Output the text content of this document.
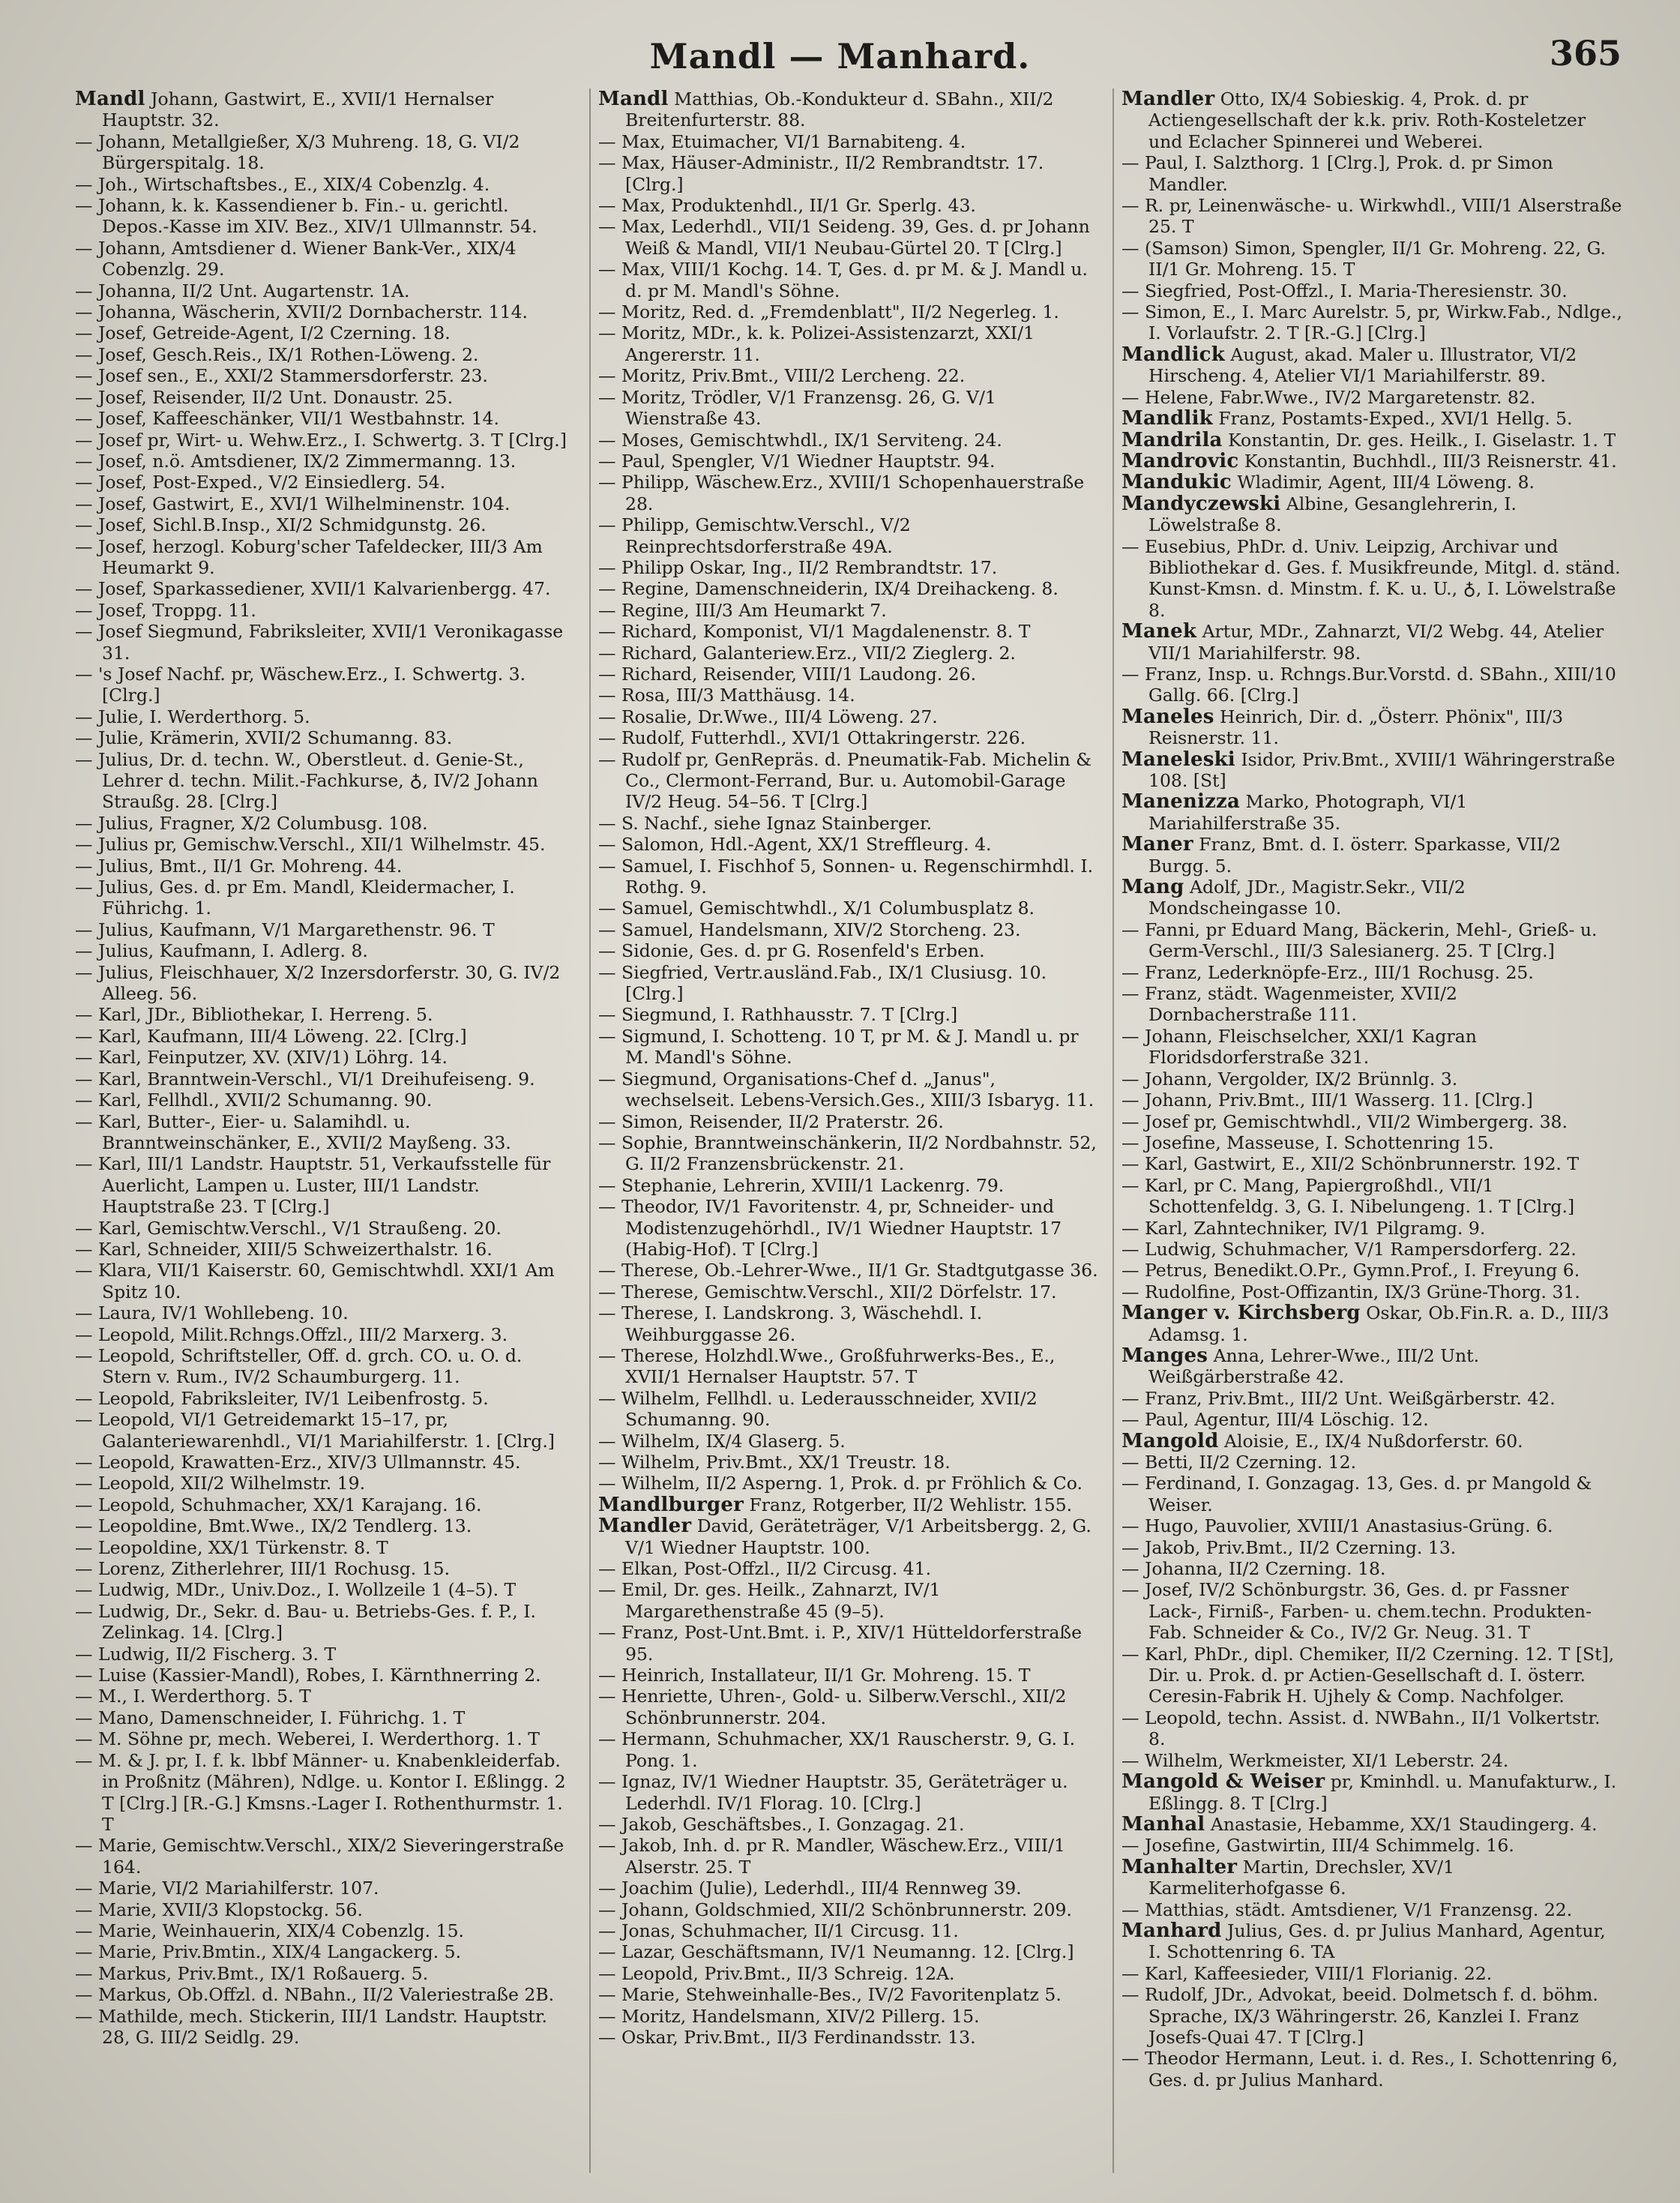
Mandl — Manhard.	365
Mandl Johann, Gastwirt, E., XVII/1 Hernalser Hauptstr. 32.
— Johann, Metallgießer, X/3 Muhreng. 18, G. VI/2 Bürgerspitalg. 18.
— Joh., Wirtschaftsbes., E., XIX/4 Cobenzlg. 4.
— Johann, k. k. Kassendiener b. Fin.- u. gerichtl. Depos.-Kasse im XIV. Bez., XIV/1 Ullmannstr. 54.
— Johann, Amtsdiener d. Wiener Bank-Ver., XIX/4 Cobenzlg. 29.
— Johanna, II/2 Unt. Augartenstr. 1A.
— Johanna, Wäscherin, XVII/2 Dornbacherstr. 114.
— Josef, Getreide-Agent, I/2 Czerning. 18.
— Josef, Gesch.Reis., IX/1 Rothen-Löweng. 2.
— Josef sen., E., XXI/2 Stammersdorferstr. 23.
— Josef, Reisender, II/2 Unt. Donaustr. 25.
— Josef, Kaffeeschänker, VII/1 Westbahnstr. 14.
— Josef pr, Wirt- u. Wehw.Erz., I. Schwertg. 3. T [Clrg.]
— Josef, n.ö. Amtsdiener, IX/2 Zimmermanng. 13.
— Josef, Post-Exped., V/2 Einsiedlerg. 54.
— Josef, Gastwirt, E., XVI/1 Wilhelminenstr. 104.
— Josef, Sichl.B.Insp., XI/2 Schmidgunstg. 26.
— Josef, herzogl. Koburg'scher Tafeldecker, III/3 Am Heumarkt 9.
— Josef, Sparkassediener, XVII/1 Kalvarienbergg. 47.
— Josef, Troppg. 11.
— Josef Siegmund, Fabriksleiter, XVII/1 Veronikagasse 31.
— 's Josef Nachf. pr, Wäschew.Erz., I. Schwertg. 3. [Clrg.]
— Julie, I. Werderthorg. 5.
— Julie, Krämerin, XVII/2 Schumanng. 83.
— Julius, Dr. d. techn. W., Oberstleut. d. Genie-St., Lehrer d. techn. Milit.-Fachkurse, ♁, IV/2 Johann Straußg. 28. [Clrg.]
— Julius, Fragner, X/2 Columbusg. 108.
— Julius pr, Gemischw.Verschl., XII/1 Wilhelmstr. 45.
— Julius, Bmt., II/1 Gr. Mohreng. 44.
— Julius, Ges. d. pr Em. Mandl, Kleidermacher, I. Führichg. 1.
— Julius, Kaufmann, V/1 Margarethenstr. 96. T
— Julius, Kaufmann, I. Adlerg. 8.
— Julius, Fleischhauer, X/2 Inzersdorferstr. 30, G. IV/2 Alleeg. 56.
— Karl, JDr., Bibliothekar, I. Herreng. 5.
— Karl, Kaufmann, III/4 Löweng. 22. [Clrg.]
— Karl, Feinputzer, XV. (XIV/1) Löhrg. 14.
— Karl, Branntwein-Verschl., VI/1 Dreihufeiseng. 9.
— Karl, Fellhdl., XVII/2 Schumanng. 90.
— Karl, Butter-, Eier- u. Salamihdl. u. Branntweinschänker, E., XVII/2 Mayßeng. 33.
— Karl, III/1 Landstr. Hauptstr. 51, Verkaufsstelle für Auerlicht, Lampen u. Luster, III/1 Landstr. Hauptstraße 23. T [Clrg.]
— Karl, Gemischtw.Verschl., V/1 Straußeng. 20.
— Karl, Schneider, XIII/5 Schweizerthalstr. 16.
— Klara, VII/1 Kaiserstr. 60, Gemischtwhdl. XXI/1 Am Spitz 10.
— Laura, IV/1 Wohllebeng. 10.
— Leopold, Milit.Rchngs.Offzl., III/2 Marxerg. 3.
— Leopold, Schriftsteller, Off. d. grch. CO. u. O. d. Stern v. Rum., IV/2 Schaumburgerg. 11.
— Leopold, Fabriksleiter, IV/1 Leibenfrostg. 5.
— Leopold, VI/1 Getreidemarkt 15–17, pr, Galanteriewarenhdl., VI/1 Mariahilferstr. 1. [Clrg.]
— Leopold, Krawatten-Erz., XIV/3 Ullmannstr. 45.
— Leopold, XII/2 Wilhelmstr. 19.
— Leopold, Schuhmacher, XX/1 Karajang. 16.
— Leopoldine, Bmt.Wwe., IX/2 Tendlerg. 13.
— Leopoldine, XX/1 Türkenstr. 8. T
— Lorenz, Zitherlehrer, III/1 Rochusg. 15.
— Ludwig, MDr., Univ.Doz., I. Wollzeile 1 (4–5). T
— Ludwig, Dr., Sekr. d. Bau- u. Betriebs-Ges. f. P., I. Zelinkag. 14. [Clrg.]
— Ludwig, II/2 Fischerg. 3. T
— Luise (Kassier-Mandl), Robes, I. Kärnthnerring 2.
— M., I. Werderthorg. 5. T
— Mano, Damenschneider, I. Führichg. 1. T
— M. Söhne pr, mech. Weberei, I. Werderthorg. 1. T
— M. & J. pr, I. f. k. lbbf Männer- u. Knabenkleiderfab. in Proßnitz (Mähren), Ndlge. u. Kontor I. Eßlingg. 2 T [Clrg.] [R.-G.] Kmsns.-Lager I. Rothenthurmstr. 1. T
— Marie, Gemischtw.Verschl., XIX/2 Sieveringerstraße 164.
— Marie, VI/2 Mariahilferstr. 107.
— Marie, XVII/3 Klopstockg. 56.
— Marie, Weinhauerin, XIX/4 Cobenzlg. 15.
— Marie, Priv.Bmtin., XIX/4 Langackerg. 5.
— Markus, Priv.Bmt., IX/1 Roßauerg. 5.
— Markus, Ob.Offzl. d. NBahn., II/2 Valeriestraße 2B.
— Mathilde, mech. Stickerin, III/1 Landstr. Hauptstr. 28, G. III/2 Seidlg. 29.
Mandl Matthias, Ob.-Kondukteur d. SBahn., XII/2 Breitenfurterstr. 88.
— Max, Etuimacher, VI/1 Barnabiteng. 4.
— Max, Häuser-Administr., II/2 Rembrandtstr. 17. [Clrg.]
— Max, Produktenhdl., II/1 Gr. Sperlg. 43.
— Max, Lederhdl., VII/1 Seideng. 39, Ges. d. pr Johann Weiß & Mandl, VII/1 Neubau-Gürtel 20. T [Clrg.]
— Max, VIII/1 Kochg. 14. T, Ges. d. pr M. & J. Mandl u. d. pr M. Mandl's Söhne.
— Moritz, Red. d. „Fremdenblatt", II/2 Negerleg. 1.
— Moritz, MDr., k. k. Polizei-Assistenzarzt, XXI/1 Angererstr. 11.
— Moritz, Priv.Bmt., VIII/2 Lercheng. 22.
— Moritz, Trödler, V/1 Franzensg. 26, G. V/1 Wienstraße 43.
— Moses, Gemischtwhdl., IX/1 Serviteng. 24.
— Paul, Spengler, V/1 Wiedner Hauptstr. 94.
— Philipp, Wäschew.Erz., XVIII/1 Schopenhauerstraße 28.
— Philipp, Gemischtw.Verschl., V/2 Reinprechtsdorferstraße 49A.
— Philipp Oskar, Ing., II/2 Rembrandtstr. 17.
— Regine, Damenschneiderin, IX/4 Dreihackeng. 8.
— Regine, III/3 Am Heumarkt 7.
— Richard, Komponist, VI/1 Magdalenenstr. 8. T
— Richard, Galanteriew.Erz., VII/2 Zieglerg. 2.
— Richard, Reisender, VIII/1 Laudong. 26.
— Rosa, III/3 Matthäusg. 14.
— Rosalie, Dr.Wwe., III/4 Löweng. 27.
— Rudolf, Futterhdl., XVI/1 Ottakringerstr. 226.
— Rudolf pr, GenRepräs. d. Pneumatik-Fab. Michelin & Co., Clermont-Ferrand, Bur. u. Automobil-Garage IV/2 Heug. 54–56. T [Clrg.]
— S. Nachf., siehe Ignaz Stainberger.
— Salomon, Hdl.-Agent, XX/1 Streffleurg. 4.
— Samuel, I. Fischhof 5, Sonnen- u. Regenschirmhdl. I. Rothg. 9.
— Samuel, Gemischtwhdl., X/1 Columbusplatz 8.
— Samuel, Handelsmann, XIV/2 Storcheng. 23.
— Sidonie, Ges. d. pr G. Rosenfeld's Erben.
— Siegfried, Vertr.ausländ.Fab., IX/1 Clusiusg. 10. [Clrg.]
— Siegmund, I. Rathhausstr. 7. T [Clrg.]
— Sigmund, I. Schotteng. 10 T, pr M. & J. Mandl u. pr M. Mandl's Söhne.
— Siegmund, Organisations-Chef d. „Janus", wechselseit. Lebens-Versich.Ges., XIII/3 Isbaryg. 11.
— Simon, Reisender, II/2 Praterstr. 26.
— Sophie, Branntweinschänkerin, II/2 Nordbahnstr. 52, G. II/2 Franzensbrückenstr. 21.
— Stephanie, Lehrerin, XVIII/1 Lackenrg. 79.
— Theodor, IV/1 Favoritenstr. 4, pr, Schneider- und Modistenzugehörhdl., IV/1 Wiedner Hauptstr. 17 (Habig-Hof). T [Clrg.]
— Therese, Ob.-Lehrer-Wwe., II/1 Gr. Stadtgutgasse 36.
— Therese, Gemischtw.Verschl., XII/2 Dörfelstr. 17.
— Therese, I. Landskrong. 3, Wäschehdl. I. Weihburggasse 26.
— Therese, Holzhdl.Wwe., Großfuhrwerks-Bes., E., XVII/1 Hernalser Hauptstr. 57. T
— Wilhelm, Fellhdl. u. Lederausschneider, XVII/2 Schumanng. 90.
— Wilhelm, IX/4 Glaserg. 5.
— Wilhelm, Priv.Bmt., XX/1 Treustr. 18.
— Wilhelm, II/2 Asperng. 1, Prok. d. pr Fröhlich & Co.
Mandlburger Franz, Rotgerber, II/2 Wehlistr. 155.
Mandler David, Geräteträger, V/1 Arbeitsbergg. 2, G. V/1 Wiedner Hauptstr. 100.
— Elkan, Post-Offzl., II/2 Circusg. 41.
— Emil, Dr. ges. Heilk., Zahnarzt, IV/1 Margarethenstraße 45 (9–5).
— Franz, Post-Unt.Bmt. i. P., XIV/1 Hütteldorferstraße 95.
— Heinrich, Installateur, II/1 Gr. Mohreng. 15. T
— Henriette, Uhren-, Gold- u. Silberw.Verschl., XII/2 Schönbrunnerstr. 204.
— Hermann, Schuhmacher, XX/1 Rauscherstr. 9, G. I. Pong. 1.
— Ignaz, IV/1 Wiedner Hauptstr. 35, Geräteträger u. Lederhdl. IV/1 Florag. 10. [Clrg.]
— Jakob, Geschäftsbes., I. Gonzagag. 21.
— Jakob, Inh. d. pr R. Mandler, Wäschew.Erz., VIII/1 Alserstr. 25. T
— Joachim (Julie), Lederhdl., III/4 Rennweg 39.
— Johann, Goldschmied, XII/2 Schönbrunnerstr. 209.
— Jonas, Schuhmacher, II/1 Circusg. 11.
— Lazar, Geschäftsmann, IV/1 Neumanng. 12. [Clrg.]
— Leopold, Priv.Bmt., II/3 Schreig. 12A.
— Marie, Stehweinhalle-Bes., IV/2 Favoritenplatz 5.
— Moritz, Handelsmann, XIV/2 Pillerg. 15.
— Oskar, Priv.Bmt., II/3 Ferdinandsstr. 13.
Mandler Otto, IX/4 Sobieskig. 4, Prok. d. pr Actiengesellschaft der k.k. priv. Roth-Kosteletzer und Eclacher Spinnerei und Weberei.
— Paul, I. Salzthorg. 1 [Clrg.], Prok. d. pr Simon Mandler.
— R. pr, Leinenwäsche- u. Wirkwhdl., VIII/1 Alserstraße 25. T
— (Samson) Simon, Spengler, II/1 Gr. Mohreng. 22, G. II/1 Gr. Mohreng. 15. T
— Siegfried, Post-Offzl., I. Maria-Theresienstr. 30.
— Simon, E., I. Marc Aurelstr. 5, pr, Wirkw.Fab., Ndlge., I. Vorlaufstr. 2. T [R.-G.] [Clrg.]
Mandlick August, akad. Maler u. Illustrator, VI/2 Hirscheng. 4, Atelier VI/1 Mariahilferstr. 89.
— Helene, Fabr.Wwe., IV/2 Margaretenstr. 82.
Mandlik Franz, Postamts-Exped., XVI/1 Hellg. 5.
Mandrila Konstantin, Dr. ges. Heilk., I. Giselastr. 1. T
Mandrovic Konstantin, Buchhdl., III/3 Reisnerstr. 41.
Mandukic Wladimir, Agent, III/4 Löweng. 8.
Mandyczewski Albine, Gesanglehrerin, I. Löwelstraße 8.
— Eusebius, PhDr. d. Univ. Leipzig, Archivar und Bibliothekar d. Ges. f. Musikfreunde, Mitgl. d. ständ. Kunst-Kmsn. d. Minstm. f. K. u. U., ♁, I. Löwelstraße 8.
Manek Artur, MDr., Zahnarzt, VI/2 Webg. 44, Atelier VII/1 Mariahilferstr. 98.
— Franz, Insp. u. Rchngs.Bur.Vorstd. d. SBahn., XIII/10 Gallg. 66. [Clrg.]
Maneles Heinrich, Dir. d. „Österr. Phönix", III/3 Reisnerstr. 11.
Maneleski Isidor, Priv.Bmt., XVIII/1 Währingerstraße 108. [St]
Manenizza Marko, Photograph, VI/1 Mariahilferstraße 35.
Maner Franz, Bmt. d. I. österr. Sparkasse, VII/2 Burgg. 5.
Mang Adolf, JDr., Magistr.Sekr., VII/2 Mondscheingasse 10.
— Fanni, pr Eduard Mang, Bäckerin, Mehl-, Grieß- u. Germ-Verschl., III/3 Salesianerg. 25. T [Clrg.]
— Franz, Lederknöpfe-Erz., III/1 Rochusg. 25.
— Franz, städt. Wagenmeister, XVII/2 Dornbacherstraße 111.
— Johann, Fleischselcher, XXI/1 Kagran Floridsdorferstraße 321.
— Johann, Vergolder, IX/2 Brünnlg. 3.
— Johann, Priv.Bmt., III/1 Wasserg. 11. [Clrg.]
— Josef pr, Gemischtwhdl., VII/2 Wimbergerg. 38.
— Josefine, Masseuse, I. Schottenring 15.
— Karl, Gastwirt, E., XII/2 Schönbrunnerstr. 192. T
— Karl, pr C. Mang, Papiergroßhdl., VII/1 Schottenfeldg. 3, G. I. Nibelungeng. 1. T [Clrg.]
— Karl, Zahntechniker, IV/1 Pilgramg. 9.
— Ludwig, Schuhmacher, V/1 Rampersdorferg. 22.
— Petrus, Benedikt.O.Pr., Gymn.Prof., I. Freyung 6.
— Rudolfine, Post-Offizantin, IX/3 Grüne-Thorg. 31.
Manger v. Kirchsberg Oskar, Ob.Fin.R. a. D., III/3 Adamsg. 1.
Manges Anna, Lehrer-Wwe., III/2 Unt. Weißgärberstraße 42.
— Franz, Priv.Bmt., III/2 Unt. Weißgärberstr. 42.
— Paul, Agentur, III/4 Löschig. 12.
Mangold Aloisie, E., IX/4 Nußdorferstr. 60.
— Betti, II/2 Czerning. 12.
— Ferdinand, I. Gonzagag. 13, Ges. d. pr Mangold & Weiser.
— Hugo, Pauvolier, XVIII/1 Anastasius-Grüng. 6.
— Jakob, Priv.Bmt., II/2 Czerning. 13.
— Johanna, II/2 Czerning. 18.
— Josef, IV/2 Schönburgstr. 36, Ges. d. pr Fassner Lack-, Firniß-, Farben- u. chem.techn. Produkten-Fab. Schneider & Co., IV/2 Gr. Neug. 31. T
— Karl, PhDr., dipl. Chemiker, II/2 Czerning. 12. T [St], Dir. u. Prok. d. pr Actien-Gesellschaft d. I. österr. Ceresin-Fabrik H. Ujhely & Comp. Nachfolger.
— Leopold, techn. Assist. d. NWBahn., II/1 Volkertstr. 8.
— Wilhelm, Werkmeister, XI/1 Leberstr. 24.
Mangold & Weiser pr, Kminhdl. u. Manufakturw., I. Eßlingg. 8. T [Clrg.]
Manhal Anastasie, Hebamme, XX/1 Staudingerg. 4.
— Josefine, Gastwirtin, III/4 Schimmelg. 16.
Manhalter Martin, Drechsler, XV/1 Karmeliterhofgasse 6.
— Matthias, städt. Amtsdiener, V/1 Franzensg. 22.
Manhard Julius, Ges. d. pr Julius Manhard, Agentur, I. Schottenring 6. TA
— Karl, Kaffeesieder, VIII/1 Florianig. 22.
— Rudolf, JDr., Advokat, beeid. Dolmetsch f. d. böhm. Sprache, IX/3 Währingerstr. 26, Kanzlei I. Franz Josefs-Quai 47. T [Clrg.]
— Theodor Hermann, Leut. i. d. Res., I. Schottenring 6, Ges. d. pr Julius Manhard.
